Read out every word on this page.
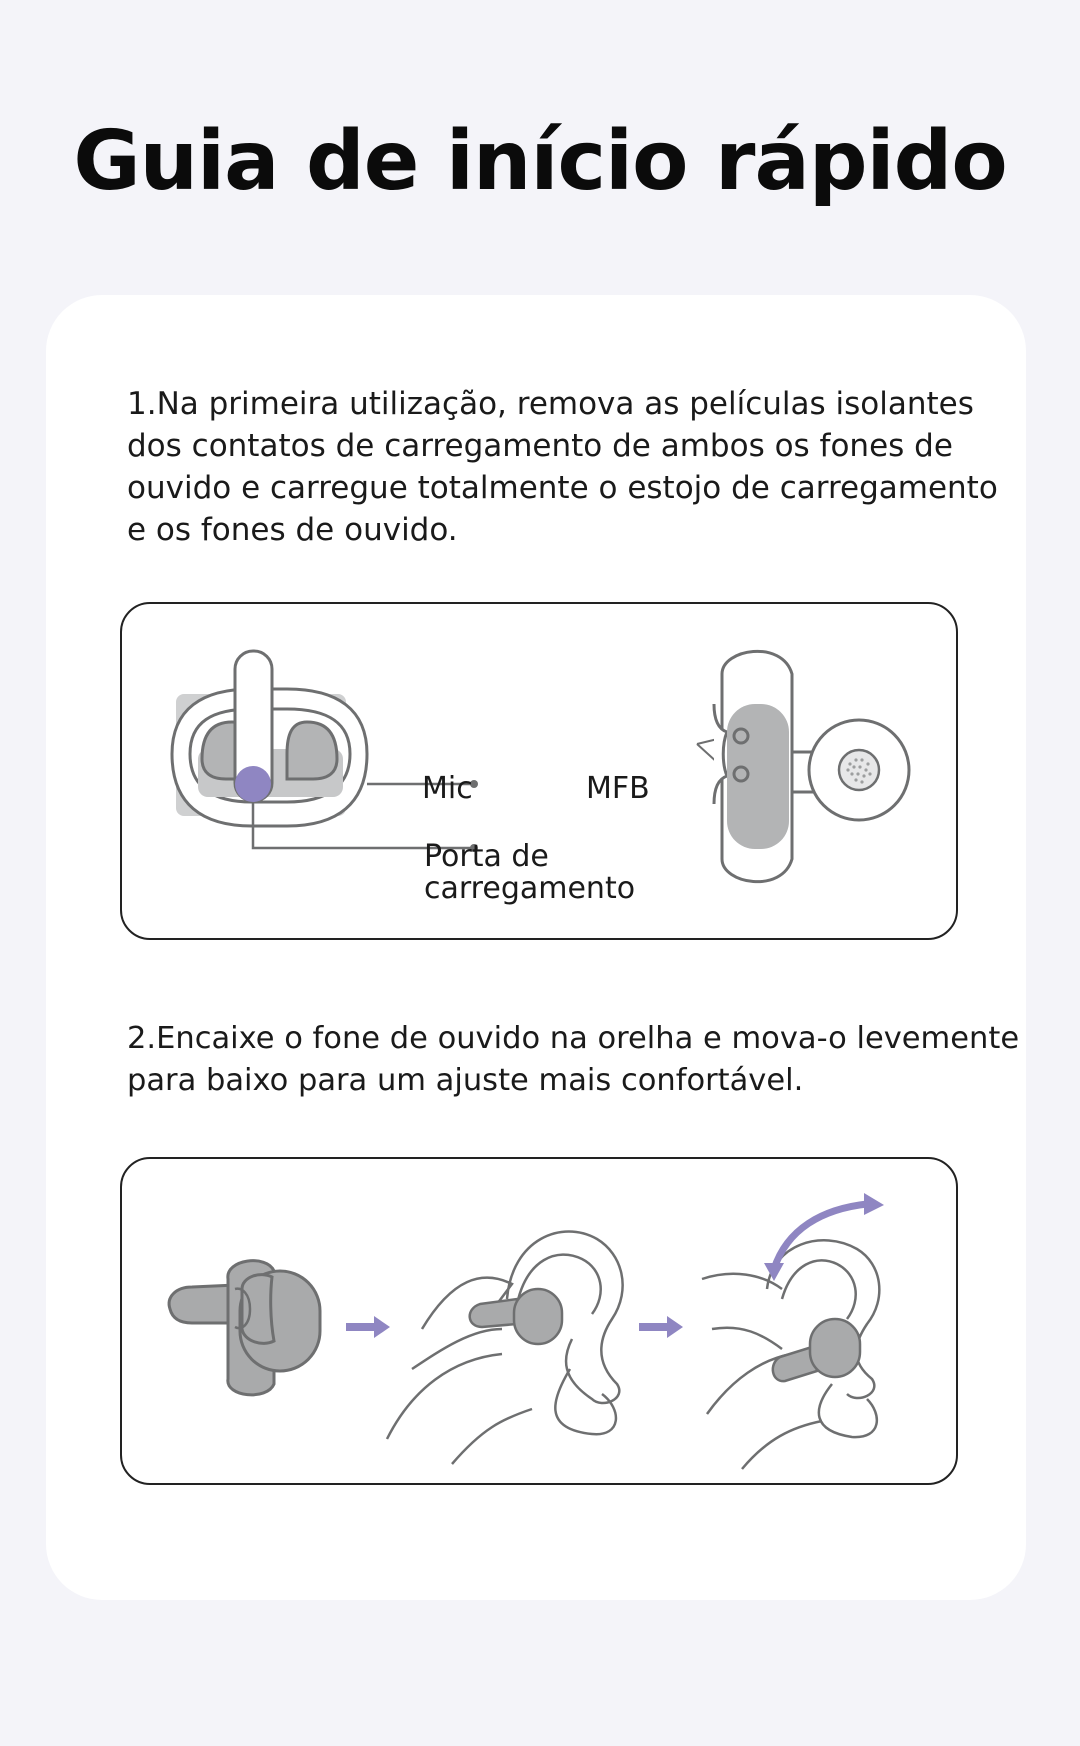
Guia de início rápido
1.Na primeira utilização, remova as películas isolantes dos contatos de carregamento de ambos os fones de ouvido e carregue totalmente o estojo de carregamento e os fones de ouvido.
Mic	MFB
Porta de
carregamento
2.Encaixe o fone de ouvido na orelha e mova-o levemente para baixo para um ajuste mais confortável.
